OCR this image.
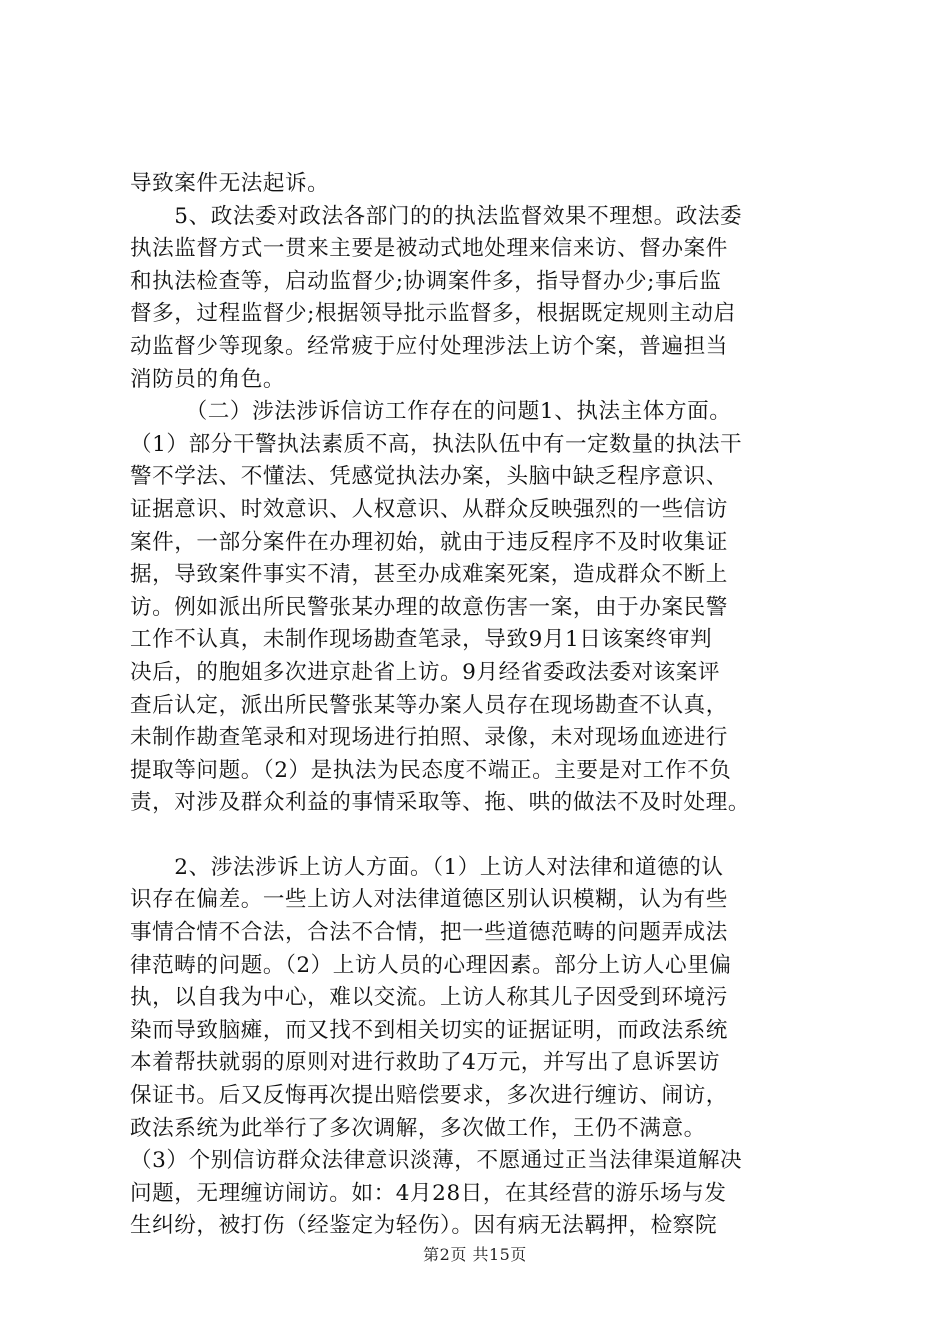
导致案件无法起诉。
　　5、政法委对政法各部门的的执法监督效果不理想。政法委
执法监督方式一贯来主要是被动式地处理来信来访、督办案件
和执法检查等，启动监督少;协调案件多，指导督办少;事后监
督多，过程监督少;根据领导批示监督多，根据既定规则主动启
动监督少等现象。经常疲于应付处理涉法上访个案，普遍担当
消防员的角色。
　　　（二）涉法涉诉信访工作存在的问题1、执法主体方面。
（1）部分干警执法素质不高，执法队伍中有一定数量的执法干
警不学法、不懂法、凭感觉执法办案，头脑中缺乏程序意识、
证据意识、时效意识、人权意识、从群众反映强烈的一些信访
案件，一部分案件在办理初始，就由于违反程序不及时收集证
据，导致案件事实不清，甚至办成难案死案，造成群众不断上
访。例如派出所民警张某办理的故意伤害一案，由于办案民警
工作不认真，未制作现场勘查笔录，导致9月1日该案终审判
决后，的胞姐多次进京赴省上访。9月经省委政法委对该案评
查后认定，派出所民警张某等办案人员存在现场勘查不认真，
未制作勘查笔录和对现场进行拍照、录像，未对现场血迹进行
提取等问题。（2）是执法为民态度不端正。主要是对工作不负
责，对涉及群众利益的事情采取等、拖、哄的做法不及时处理。
　　2、涉法涉诉上访人方面。（1）上访人对法律和道德的认
识存在偏差。一些上访人对法律道德区别认识模糊，认为有些
事情合情不合法，合法不合情，把一些道德范畴的问题弄成法
律范畴的问题。（2）上访人员的心理因素。部分上访人心里偏
执，以自我为中心，难以交流。上访人称其儿子因受到环境污
染而导致脑瘫，而又找不到相关切实的证据证明，而政法系统
本着帮扶就弱的原则对进行救助了4万元，并写出了息诉罢访
保证书。后又反悔再次提出赔偿要求，多次进行缠访、闹访，
政法系统为此举行了多次调解，多次做工作，王仍不满意。
（3）个别信访群众法律意识淡薄，不愿通过正当法律渠道解决
问题，无理缠访闹访。如：4月28日，在其经营的游乐场与发
生纠纷，被打伤（经鉴定为轻伤）。因有病无法羁押，检察院
第2页 共15页
